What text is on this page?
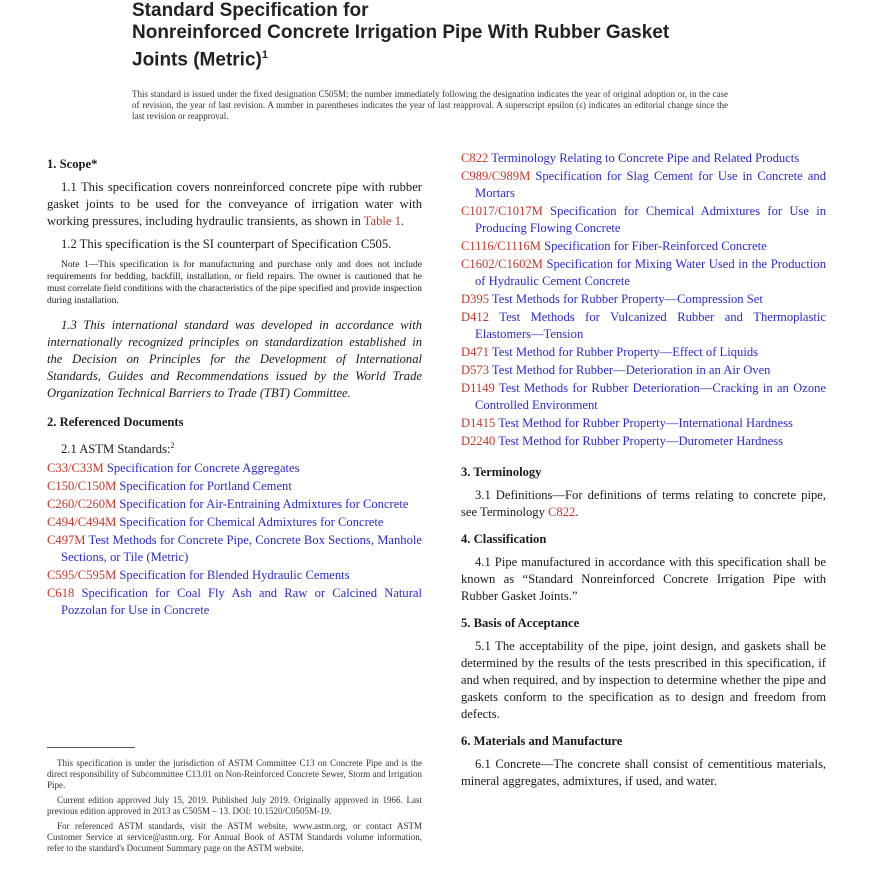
Standard Specification for
Nonreinforced Concrete Irrigation Pipe With Rubber Gasket
Joints (Metric)$^1$
This standard is issued under the fixed designation C505M; the number immediately following the designation indicates the year of original adoption or, in the case of revision, the year of last revision. A number in parentheses indicates the year of last reapproval. A superscript epsilon (ε) indicates an editorial change since the last revision or reapproval.
1. Scope*

1.1 This specification covers nonreinforced concrete pipe with rubber gasket joints to be used for the conveyance of irrigation water with working pressures, including hydraulic transients, as shown in Table 1.

1.2 This specification is the SI counterpart of Specification C505.

Note 1—This specification is for manufacturing and purchase only and does not include requirements for bedding, backfill, installation, or field repairs. The owner is cautioned that he must correlate field conditions with the characteristics of the pipe specified and provide inspection during installation.

1.3 This international standard was developed in accordance with internationally recognized principles on standardization established in the Decision on Principles for the Development of International Standards, Guides and Recommendations issued by the World Trade Organization Technical Barriers to Trade (TBT) Committee.

2. Referenced Documents

2.1 ASTM Standards:$^2$

C33/C33M Specification for Concrete Aggregates

C150/C150M Specification for Portland Cement

C260/C260M Specification for Air-Entraining Admixtures for Concrete

C494/C494M Specification for Chemical Admixtures for Concrete

C497M Test Methods for Concrete Pipe, Concrete Box Sections, Manhole Sections, or Tile (Metric)

C595/C595M Specification for Blended Hydraulic Cements

C618 Specification for Coal Fly Ash and Raw or Calcined Natural Pozzolan for Use in Concrete

This specification is under the jurisdiction of ASTM Committee C13 on Concrete Pipe and is the direct responsibility of Subcommittee C13.01 on Non-Reinforced Concrete Sewer, Storm and Irrigation Pipe.

Current edition approved July 15, 2019. Published July 2019. Originally approved in 1966. Last previous edition approved in 2013 as C505M – 13. DOI: 10.1520/C0505M-19.

For referenced ASTM standards, visit the ASTM website, www.astm.org, or contact ASTM Customer Service at service@astm.org. For Annual Book of ASTM Standards volume information, refer to the standard's Document Summary page on the ASTM website.

C822 Terminology Relating to Concrete Pipe and Related Products

C989/C989M Specification for Slag Cement for Use in Concrete and Mortars

C1017/C1017M Specification for Chemical Admixtures for Use in Producing Flowing Concrete

C1116/C1116M Specification for Fiber-Reinforced Concrete

C1602/C1602M Specification for Mixing Water Used in the Production of Hydraulic Cement Concrete

D395 Test Methods for Rubber Property—Compression Set

D412 Test Methods for Vulcanized Rubber and Thermoplastic Elastomers—Tension

D471 Test Method for Rubber Property—Effect of Liquids

D573 Test Method for Rubber—Deterioration in an Air Oven

D1149 Test Methods for Rubber Deterioration—Cracking in an Ozone Controlled Environment

D1415 Test Method for Rubber Property—International Hardness

D2240 Test Method for Rubber Property—Durometer Hardness

3. Terminology

3.1 Definitions—For definitions of terms relating to concrete pipe, see Terminology C822.

4. Classification

4.1 Pipe manufactured in accordance with this specification shall be known as “Standard Nonreinforced Concrete Irrigation Pipe with Rubber Gasket Joints.”

5. Basis of Acceptance

5.1 The acceptability of the pipe, joint design, and gaskets shall be determined by the results of the tests prescribed in this specification, if and when required, and by inspection to determine whether the pipe and gaskets conform to the specification as to design and freedom from defects.

6. Materials and Manufacture

6.1 Concrete—The concrete shall consist of cementitious materials, mineral aggregates, admixtures, if used, and water.
